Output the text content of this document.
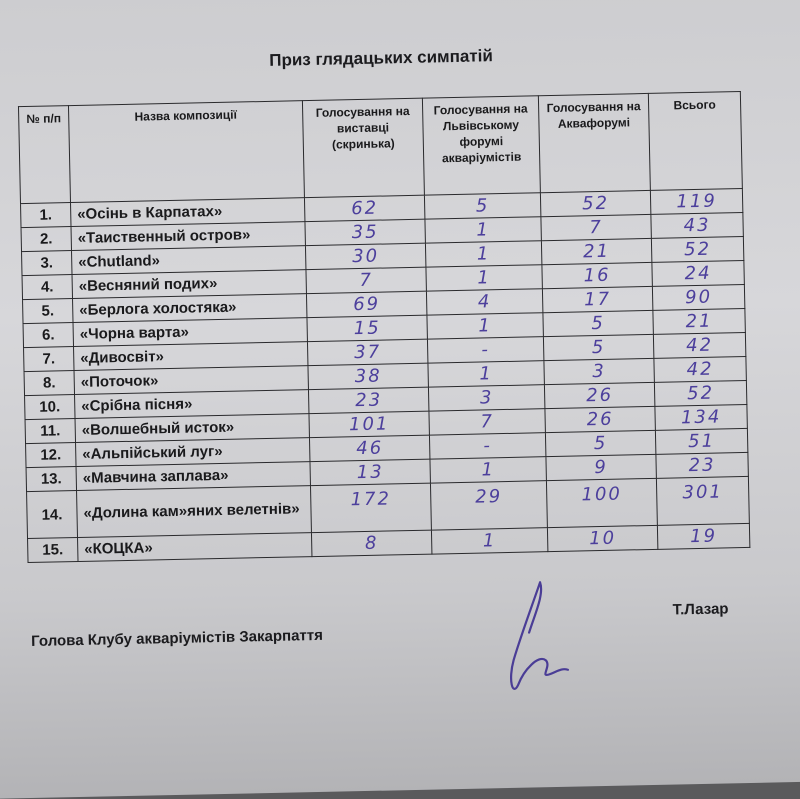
Приз глядацьких симпатій
№ п/п	Назва композиції	Голосування на виставці (скринька)	Голосування на Львівському форумі акваріумістів	Голосування на Аквафорумі	Всього
1.	«Осінь в Карпатах»	62	5	52	119
2.	«Таиственный остров»	35	1	7	43
3.	«Chutland»	30	1	21	52
4.	«Весняний подих»	7	1	16	24
5.	«Берлога холостяка»	69	4	17	90
6.	«Чорна варта»	15	1	5	21
7.	«Дивосвіт»	37	-	5	42
8.	«Поточок»	38	1	3	42
10.	«Срібна пісня»	23	3	26	52
11.	«Волшебный исток»	101	7	26	134
12.	«Альпійський луг»	46	-	5	51
13.	«Мавчина заплава»	13	1	9	23
14.	«Долина кам»яних велетнів»	172	29	100	301
15.	«КОЦКА»	8	1	10	19
Голова Клубу акваріумістів Закарпаття
Т.Лазар
